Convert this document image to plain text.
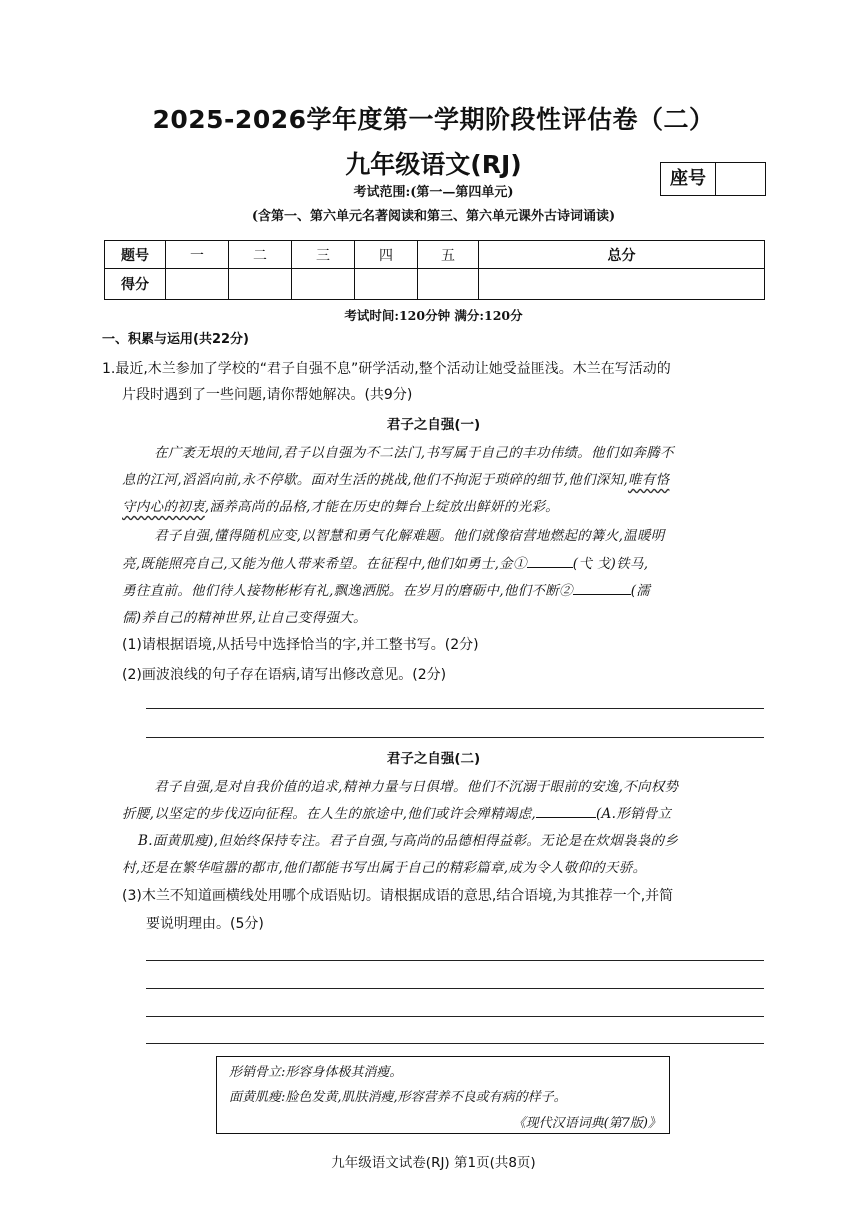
2025-2026学年度第一学期阶段性评估卷（二）
九年级语文(RJ)	座号
考试范围:(第一—第四单元)
(含第一、第六单元名著阅读和第三、第六单元课外古诗词诵读)
题号	一	二	三	四	五	总分
得分						
考试时间:120分钟 满分:120分
一、积累与运用(共22分)
1.最近,木兰参加了学校的“君子自强不息”研学活动,整个活动让她受益匪浅。木兰在写活动的
片段时遇到了一些问题,请你帮她解决。(共9分)
君子之自强(一)
在广袤无垠的天地间,君子以自强为不二法门,书写属于自己的丰功伟绩。他们如奔腾不
息的江河,滔滔向前,永不停歇。面对生活的挑战,他们不拘泥于琐碎的细节,他们深知,唯有恪
守内心的初衷,涵养高尚的品格,才能在历史的舞台上绽放出鲜妍的光彩。
君子自强,懂得随机应变,以智慧和勇气化解难题。他们就像宿营地燃起的篝火,温暖明
亮,既能照亮自己,又能为他人带来希望。在征程中,他们如勇士,金①	(弋 戈)铁马,
勇往直前。他们待人接物彬彬有礼,飘逸洒脱。在岁月的磨砺中,他们不断②	(濡
儒)养自己的精神世界,让自己变得强大。
(1)请根据语境,从括号中选择恰当的字,并工整书写。(2分)
(2)画波浪线的句子存在语病,请写出修改意见。(2分)
君子之自强(二)
君子自强,是对自我价值的追求,精神力量与日俱增。他们不沉溺于眼前的安逸,不向权势
折腰,以坚定的步伐迈向征程。在人生的旅途中,他们或许会殚精竭虑,	(A.形销骨立
B.面黄肌瘦),但始终保持专注。君子自强,与高尚的品德相得益彰。无论是在炊烟袅袅的乡
村,还是在繁华喧嚣的都市,他们都能书写出属于自己的精彩篇章,成为令人敬仰的天骄。
(3)木兰不知道画横线处用哪个成语贴切。请根据成语的意思,结合语境,为其推荐一个,并简
要说明理由。(5分)
形销骨立:形容身体极其消瘦。
面黄肌瘦:脸色发黄,肌肤消瘦,形容营养不良或有病的样子。
《现代汉语词典(第7版)》
九年级语文试卷(RJ) 第1页(共8页)
